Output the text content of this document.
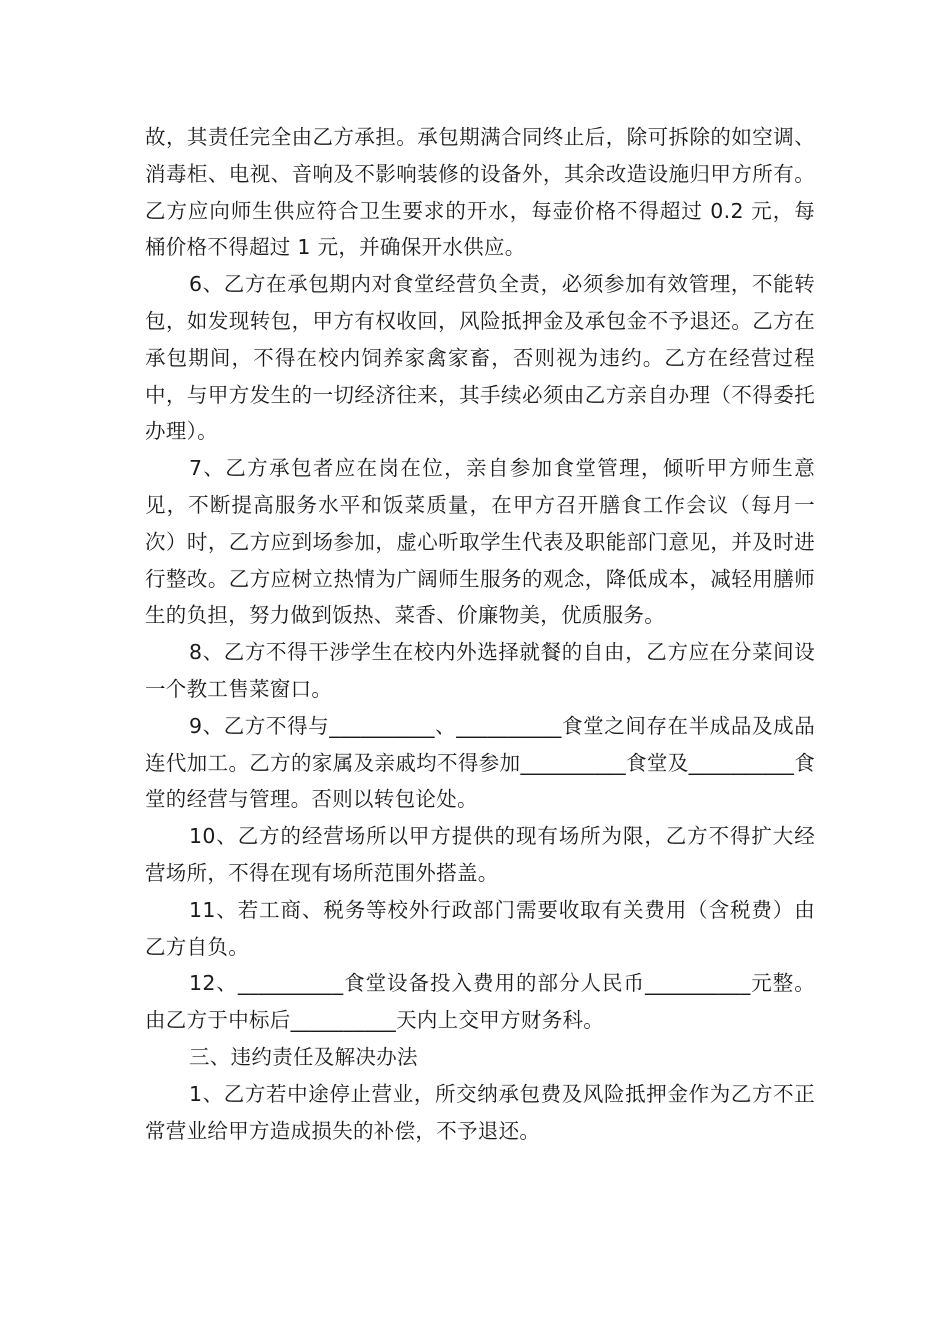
故，其责任完全由乙方承担。承包期满合同终止后，除可拆除的如空调、消毒柜、电视、音响及不影响装修的设备外，其余改造设施归甲方所有。乙方应向师生供应符合卫生要求的开水，每壶价格不得超过 0.2 元，每桶价格不得超过 1 元，并确保开水供应。

6、乙方在承包期内对食堂经营负全责，必须参加有效管理，不能转包，如发现转包，甲方有权收回，风险抵押金及承包金不予退还。乙方在承包期间，不得在校内饲养家禽家畜，否则视为违约。乙方在经营过程中，与甲方发生的一切经济往来，其手续必须由乙方亲自办理（不得委托办理）。

7、乙方承包者应在岗在位，亲自参加食堂管理，倾听甲方师生意见，不断提高服务水平和饭菜质量，在甲方召开膳食工作会议（每月一次）时，乙方应到场参加，虚心听取学生代表及职能部门意见，并及时进行整改。乙方应树立热情为广阔师生服务的观念，降低成本，减轻用膳师生的负担，努力做到饭热、菜香、价廉物美，优质服务。

8、乙方不得干涉学生在校内外选择就餐的自由，乙方应在分菜间设一个教工售菜窗口。

9、乙方不得与__________、__________食堂之间存在半成品及成品连代加工。乙方的家属及亲戚均不得参加__________食堂及__________食堂的经营与管理。否则以转包论处。

10、乙方的经营场所以甲方提供的现有场所为限，乙方不得扩大经营场所，不得在现有场所范围外搭盖。

11、若工商、税务等校外行政部门需要收取有关费用（含税费）由乙方自负。

12、__________食堂设备投入费用的部分人民币__________元整。由乙方于中标后__________天内上交甲方财务科。

三、违约责任及解决办法

1、乙方若中途停止营业，所交纳承包费及风险抵押金作为乙方不正常营业给甲方造成损失的补偿，不予退还。
